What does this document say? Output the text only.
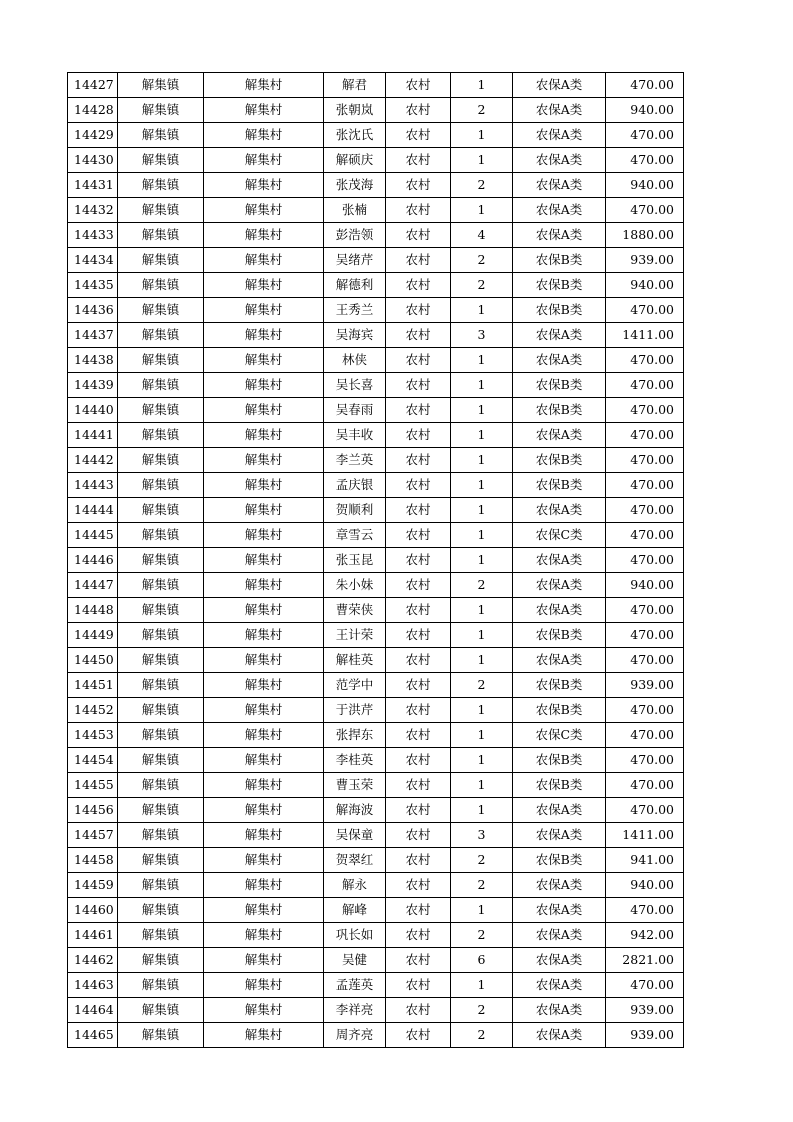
14427	解集镇	解集村	解君	农村	1	农保A类	470.00
14428	解集镇	解集村	张朝岚	农村	2	农保A类	940.00
14429	解集镇	解集村	张沈氏	农村	1	农保A类	470.00
14430	解集镇	解集村	解硕庆	农村	1	农保A类	470.00
14431	解集镇	解集村	张茂海	农村	2	农保A类	940.00
14432	解集镇	解集村	张楠	农村	1	农保A类	470.00
14433	解集镇	解集村	彭浩领	农村	4	农保A类	1880.00
14434	解集镇	解集村	吴绪芹	农村	2	农保B类	939.00
14435	解集镇	解集村	解德利	农村	2	农保B类	940.00
14436	解集镇	解集村	王秀兰	农村	1	农保B类	470.00
14437	解集镇	解集村	吴海宾	农村	3	农保A类	1411.00
14438	解集镇	解集村	林侠	农村	1	农保A类	470.00
14439	解集镇	解集村	吴长喜	农村	1	农保B类	470.00
14440	解集镇	解集村	吴春雨	农村	1	农保B类	470.00
14441	解集镇	解集村	吴丰收	农村	1	农保A类	470.00
14442	解集镇	解集村	李兰英	农村	1	农保B类	470.00
14443	解集镇	解集村	孟庆银	农村	1	农保B类	470.00
14444	解集镇	解集村	贺顺利	农村	1	农保A类	470.00
14445	解集镇	解集村	章雪云	农村	1	农保C类	470.00
14446	解集镇	解集村	张玉昆	农村	1	农保A类	470.00
14447	解集镇	解集村	朱小妹	农村	2	农保A类	940.00
14448	解集镇	解集村	曹荣侠	农村	1	农保A类	470.00
14449	解集镇	解集村	王计荣	农村	1	农保B类	470.00
14450	解集镇	解集村	解桂英	农村	1	农保A类	470.00
14451	解集镇	解集村	范学中	农村	2	农保B类	939.00
14452	解集镇	解集村	于洪芹	农村	1	农保B类	470.00
14453	解集镇	解集村	张捍东	农村	1	农保C类	470.00
14454	解集镇	解集村	李桂英	农村	1	农保B类	470.00
14455	解集镇	解集村	曹玉荣	农村	1	农保B类	470.00
14456	解集镇	解集村	解海波	农村	1	农保A类	470.00
14457	解集镇	解集村	吴保童	农村	3	农保A类	1411.00
14458	解集镇	解集村	贺翠红	农村	2	农保B类	941.00
14459	解集镇	解集村	解永	农村	2	农保A类	940.00
14460	解集镇	解集村	解峰	农村	1	农保A类	470.00
14461	解集镇	解集村	巩长如	农村	2	农保A类	942.00
14462	解集镇	解集村	吴健	农村	6	农保A类	2821.00
14463	解集镇	解集村	孟莲英	农村	1	农保A类	470.00
14464	解集镇	解集村	李祥亮	农村	2	农保A类	939.00
14465	解集镇	解集村	周齐亮	农村	2	农保A类	939.00
